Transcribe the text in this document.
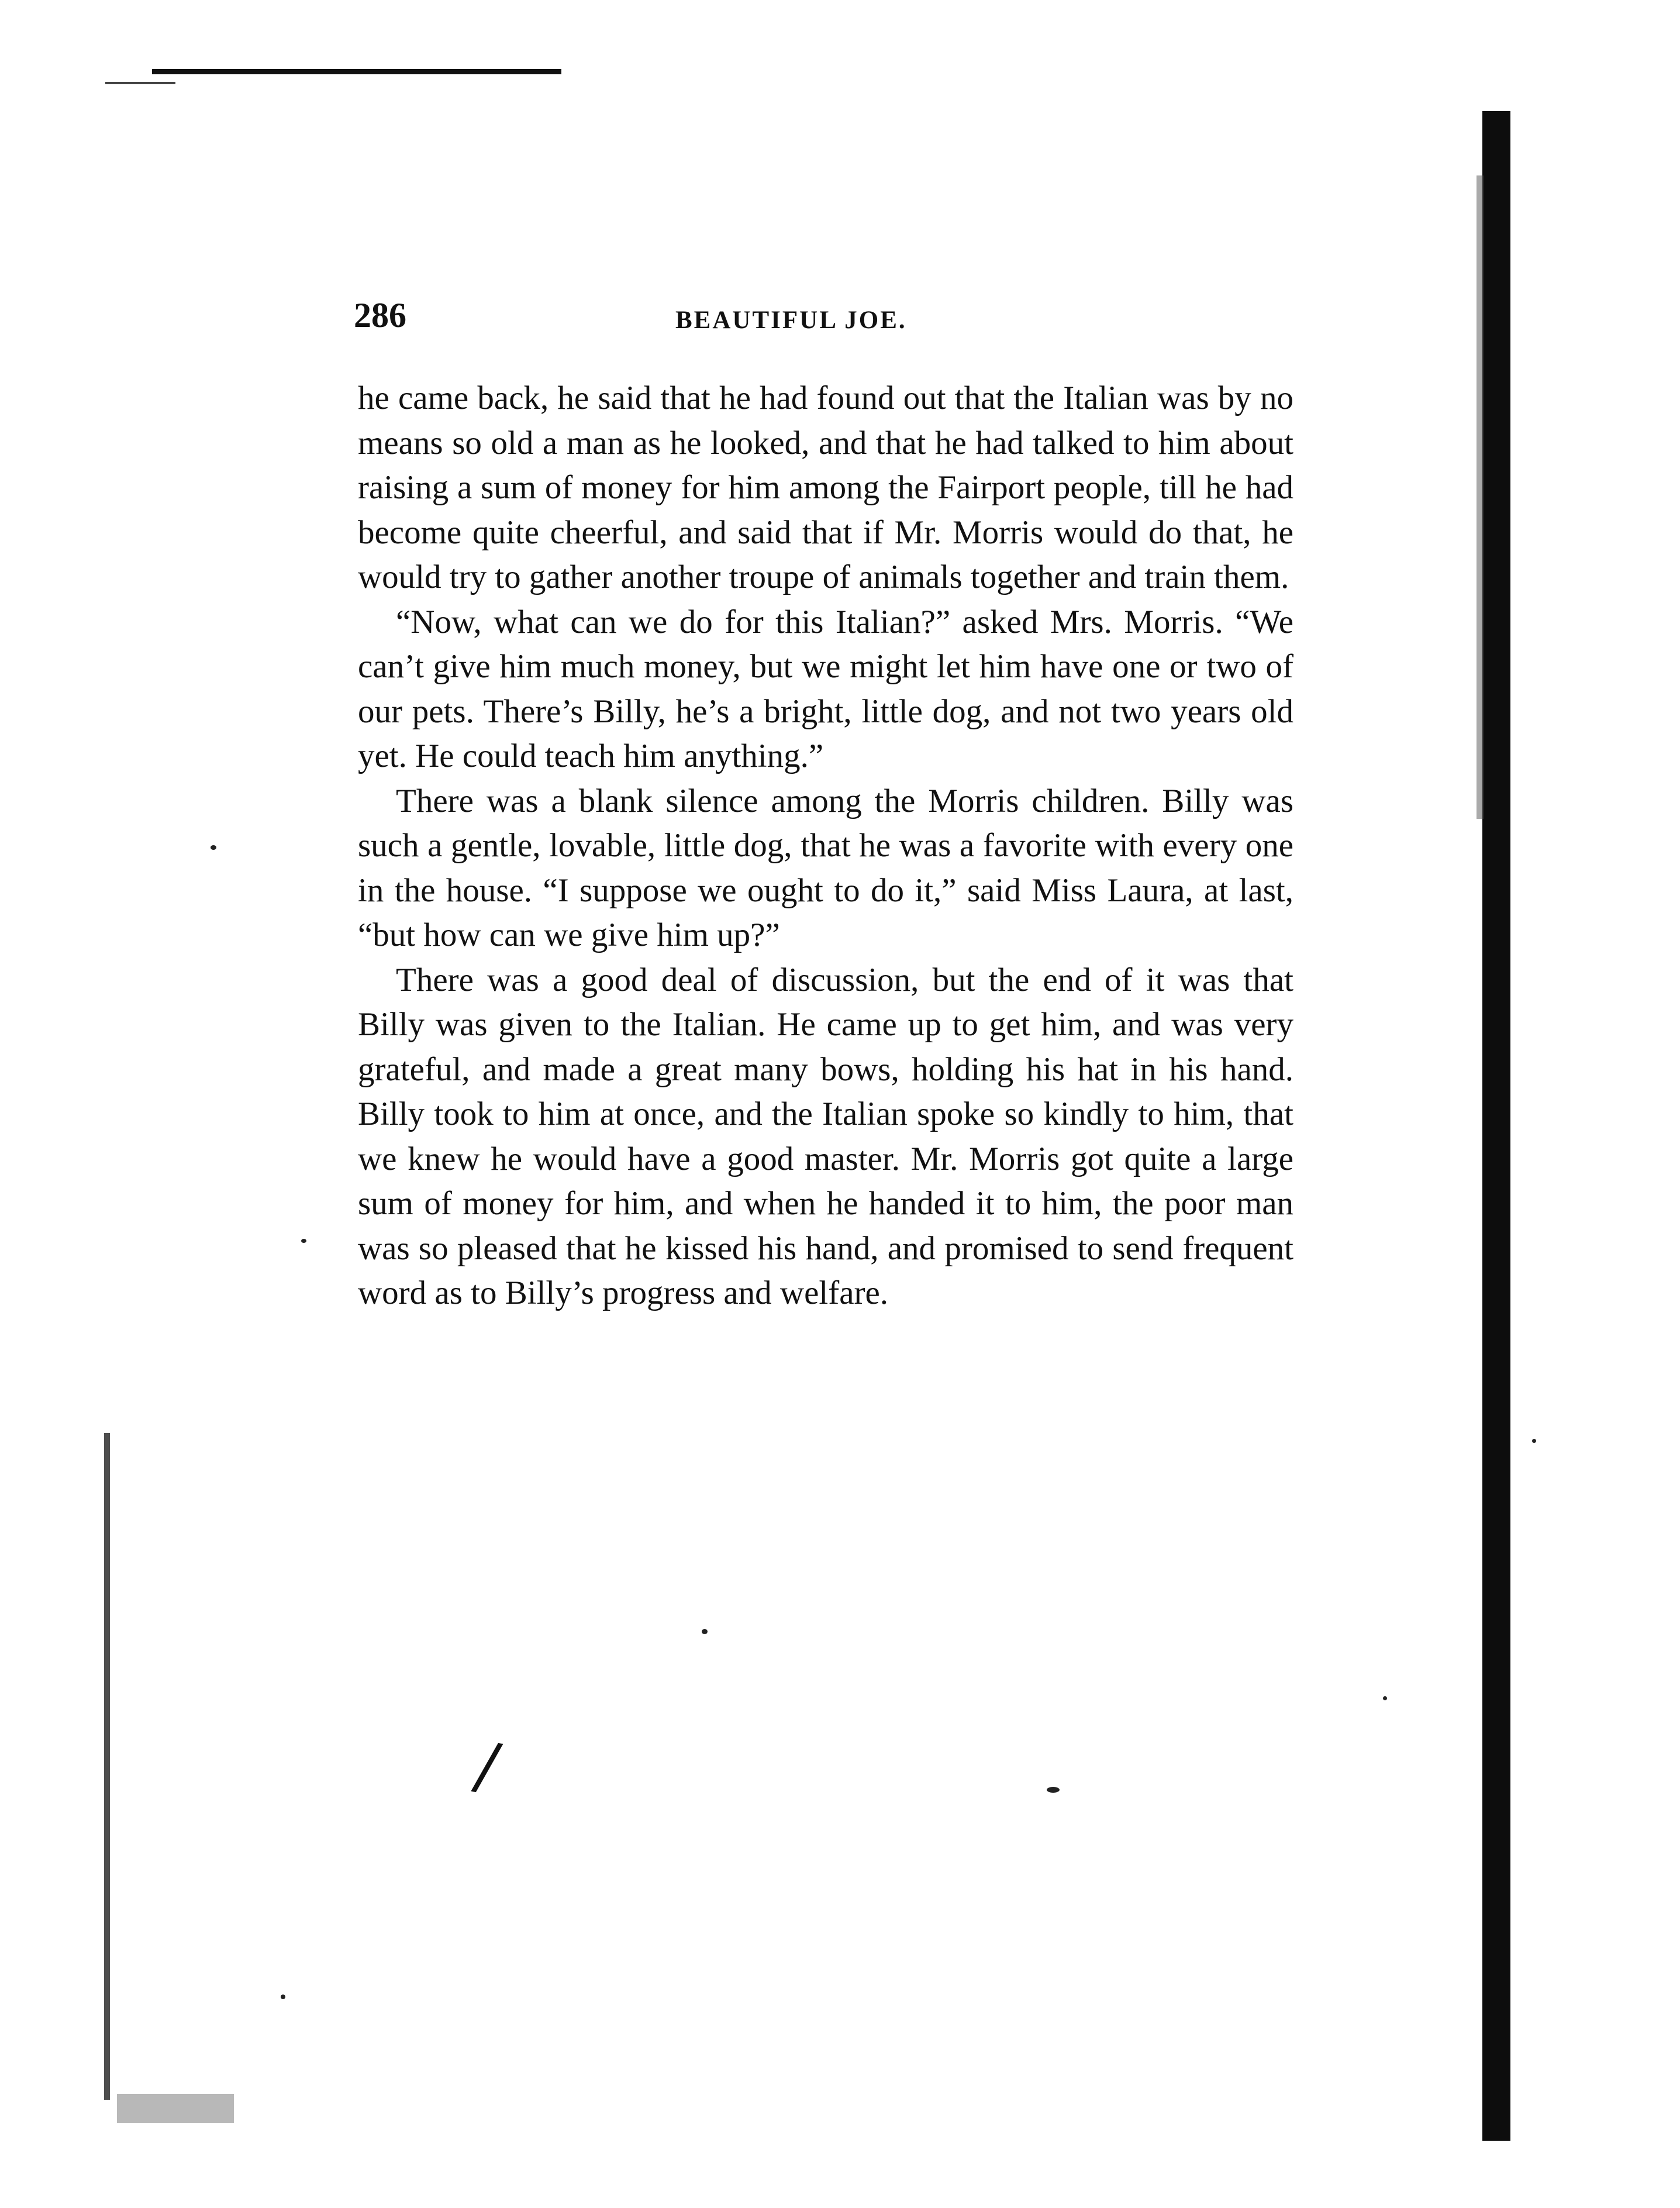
286	BEAUTIFUL JOE.

he came back, he said that he had found out that the Italian was by no means so old a man as he looked, and that he had talked to him about raising a sum of money for him among the Fairport people, till he had become quite cheerful, and said that if Mr. Morris would do that, he would try to gather another troupe of animals together and train them.

“Now, what can we do for this Italian?” asked Mrs. Morris. “We can’t give him much money, but we might let him have one or two of our pets. There’s Billy, he’s a bright, little dog, and not two years old yet. He could teach him anything.”

There was a blank silence among the Morris children. Billy was such a gentle, lovable, little dog, that he was a favorite with every one in the house. “I suppose we ought to do it,” said Miss Laura, at last, “but how can we give him up?”

There was a good deal of discussion, but the end of it was that Billy was given to the Italian. He came up to get him, and was very grateful, and made a great many bows, holding his hat in his hand. Billy took to him at once, and the Italian spoke so kindly to him, that we knew he would have a good master. Mr. Morris got quite a large sum of money for him, and when he handed it to him, the poor man was so pleased that he kissed his hand, and promised to send frequent word as to Billy’s progress and welfare.

/
